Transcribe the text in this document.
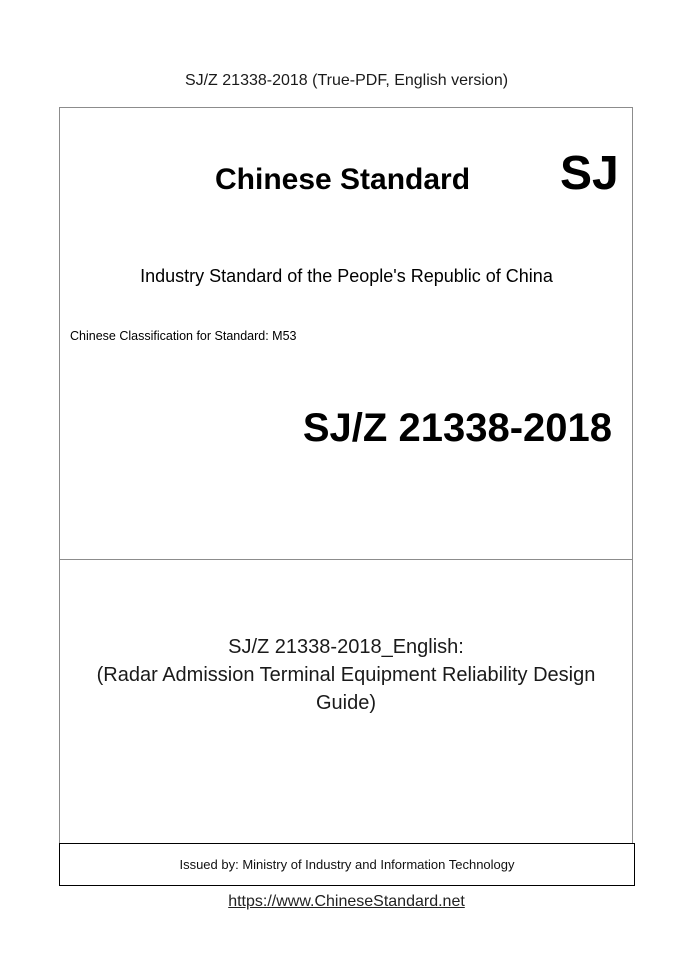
SJ/Z 21338-2018 (True-PDF, English version)
Chinese Standard SJ
Industry Standard of the People's Republic of China
Chinese Classification for Standard: M53
SJ/Z 21338-2018
SJ/Z 21338-2018_English:
(Radar Admission Terminal Equipment Reliability Design
Guide)
Issued by: Ministry of Industry and Information Technology
https://www.ChineseStandard.net
